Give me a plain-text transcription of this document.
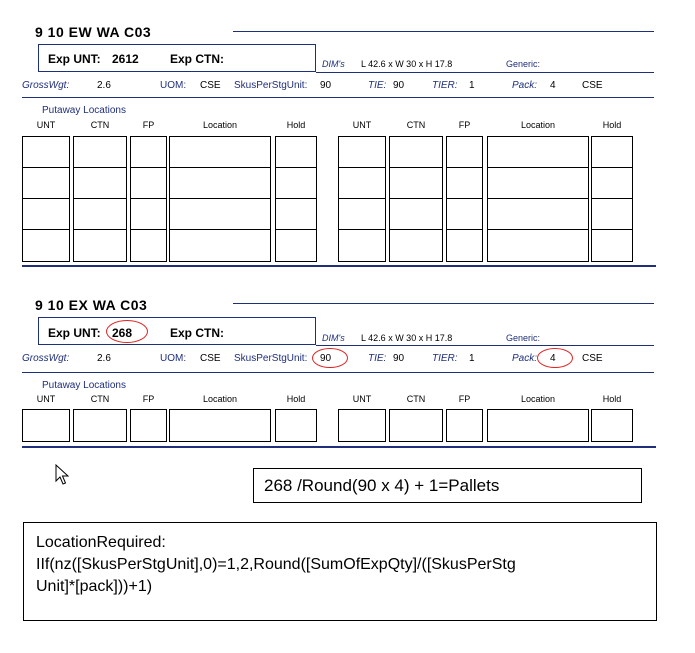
9 10 EW WA C03
Exp UNT: 2612	Exp CTN:	DIM's L 42.6 x W 30 x H 17.8	Generic:
GrossWgt:	2.6	UOM: CSE SkusPerStgUnit: 90	TIE: 90	TIER: 1	Pack: 4	CSE
Putaway Locations
UNT	CTN	FP	Location	Hold	UNT	CTN	FP	Location	Hold
9 10 EX WA C03
Exp UNT: 268	Exp CTN:	DIM's L 42.6 x W 30 x H 17.8	Generic:
GrossWgt:	2.6	UOM: CSE SkusPerStgUnit: 90	TIE: 90	TIER: 1	Pack: 4	CSE
Putaway Locations
UNT	CTN	FP	Location	Hold	UNT	CTN	FP	Location	Hold
268 /Round(90 x 4) + 1=Pallets
LocationRequired:
IIf(nz([SkusPerStgUnit],0)=1,2,Round([SumOfExpQty]/([SkusPerStg
Unit]*[pack]))+1)
